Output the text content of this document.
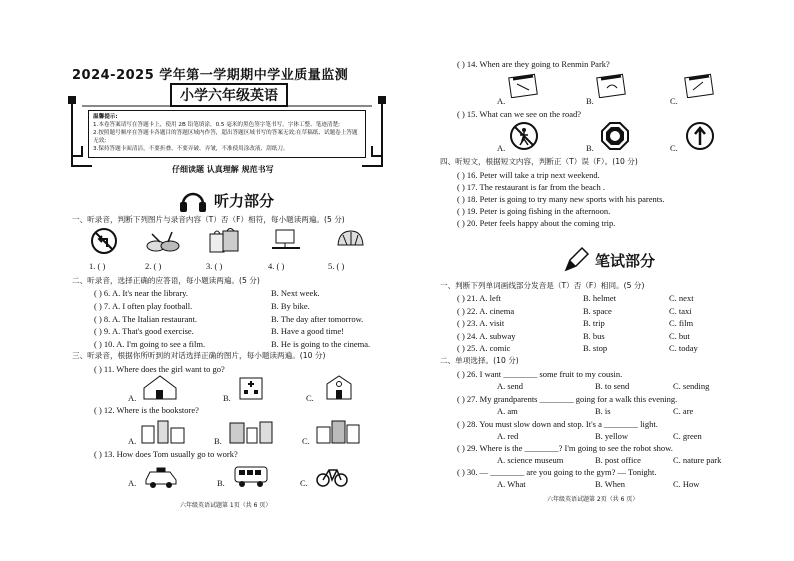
2024-2025 学年第一学期期中学业质量监测
小学六年级英语
温馨提示:
1.本卷答案请写在答题卡上，使用 2B 铅笔填涂，0.5 毫米的黑色签字笔书写，字体工整、笔迹清楚;
2.按照题号顺序在答题卡各题目的答题区域内作答，超出答题区域书写的答案无效;在草稿纸、试题卷上答题无效;
3.保持答题卡面清洁，不要折叠、不要弄破、弄皱，不准使用涂改液、刮纸刀。
仔细读题 认真理解 规范书写
听力部分
一、听录音，判断下列图片与录音内容（T）否（F）相符，每小题读两遍。(5 分)
1. ( )	2. ( )	3. ( )	4. ( )	5. ( )
二、听录音，选择正确的应答语，每小题读两遍。(5 分)
( ) 6. A. It's near the library.	B. Next week.
( ) 7. A. I often play football.	B. By bike.
( ) 8. A. The Italian restaurant.	B. The day after tomorrow.
( ) 9. A. That's good exercise.	B. Have a good time!
( ) 10. A. I'm going to see a film.	B. He is going to the cinema.
三、听录音，根据你所听到的对话选择正确的图片，每小题读两遍。(10 分)
( ) 11. Where does the girl want to go?
A.	B.	C.
( ) 12. Where is the bookstore?
A.	B.	C.
( ) 13. How does Tom usually go to work?
A.	B.	C.
六年级英语试题第 1页（共 6 页）
( ) 14. When are they going to Renmin Park?
A.	B.	C.
( ) 15. What can we see on the road?
A.	B.	C.
四、听短文，根据短文内容，判断正（T）误（F）。(10 分)
( ) 16. Peter will take a trip next weekend.
( ) 17. The restaurant is far from the beach .
( ) 18. Peter is going to try many new sports with his parents.
( ) 19. Peter is going fishing in the afternoon.
( ) 20. Peter feels happy about the coming trip.
笔试部分
一、判断下列单词画线部分发音是（T）否（F）相同。(5 分)
( ) 21. A. left	B. helmet	C. next
( ) 22. A. cinema	B. space	C. taxi
( ) 23. A. visit	B. trip	C. film
( ) 24. A. subway	B. bus	C. but
( ) 25. A. comic	B. stop	C. today
二、单项选择。(10 分)
( ) 26. I want ________ some fruit to my cousin.
A. send	B. to send	C. sending
( ) 27. My grandparents ________ going for a walk this evening.
A. am	B. is	C. are
( ) 28. You must slow down and stop. It's a ________ light.
A. red	B. yellow	C. green
( ) 29. Where is the ________? I'm going to see the robot show.
A. science museum	B. post office	C. nature park
( ) 30. — ________ are you going to the gym? — Tonight.
A. What	B. When	C. How
六年级英语试题第 2页（共 6 页）
